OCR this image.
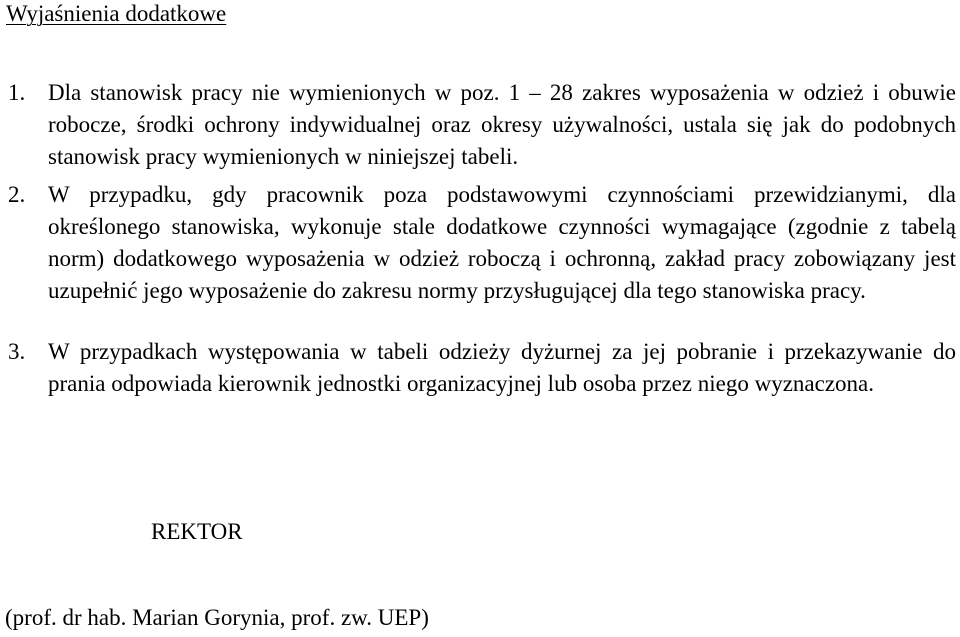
Wyjaśnienia dodatkowe
1. Dla stanowisk pracy nie wymienionych w poz. 1 – 28 zakres wyposażenia w odzież i obuwie robocze, środki ochrony indywidualnej oraz okresy używalności, ustala się jak do podobnych stanowisk pracy wymienionych w niniejszej tabeli.
2. W przypadku, gdy pracownik poza podstawowymi czynnościami przewidzianymi, dla określonego stanowiska, wykonuje stale dodatkowe czynności wymagające (zgodnie z tabelą norm) dodatkowego wyposażenia w odzież roboczą i ochronną, zakład pracy zobowiązany jest uzupełnić jego wyposażenie do zakresu normy przysługującej dla tego stanowiska pracy.
3. W przypadkach występowania w tabeli odzieży dyżurnej za jej pobranie i przekazywanie do prania odpowiada kierownik jednostki organizacyjnej lub osoba przez niego wyznaczona.
REKTOR
(prof. dr hab. Marian Gorynia, prof. zw. UEP)
